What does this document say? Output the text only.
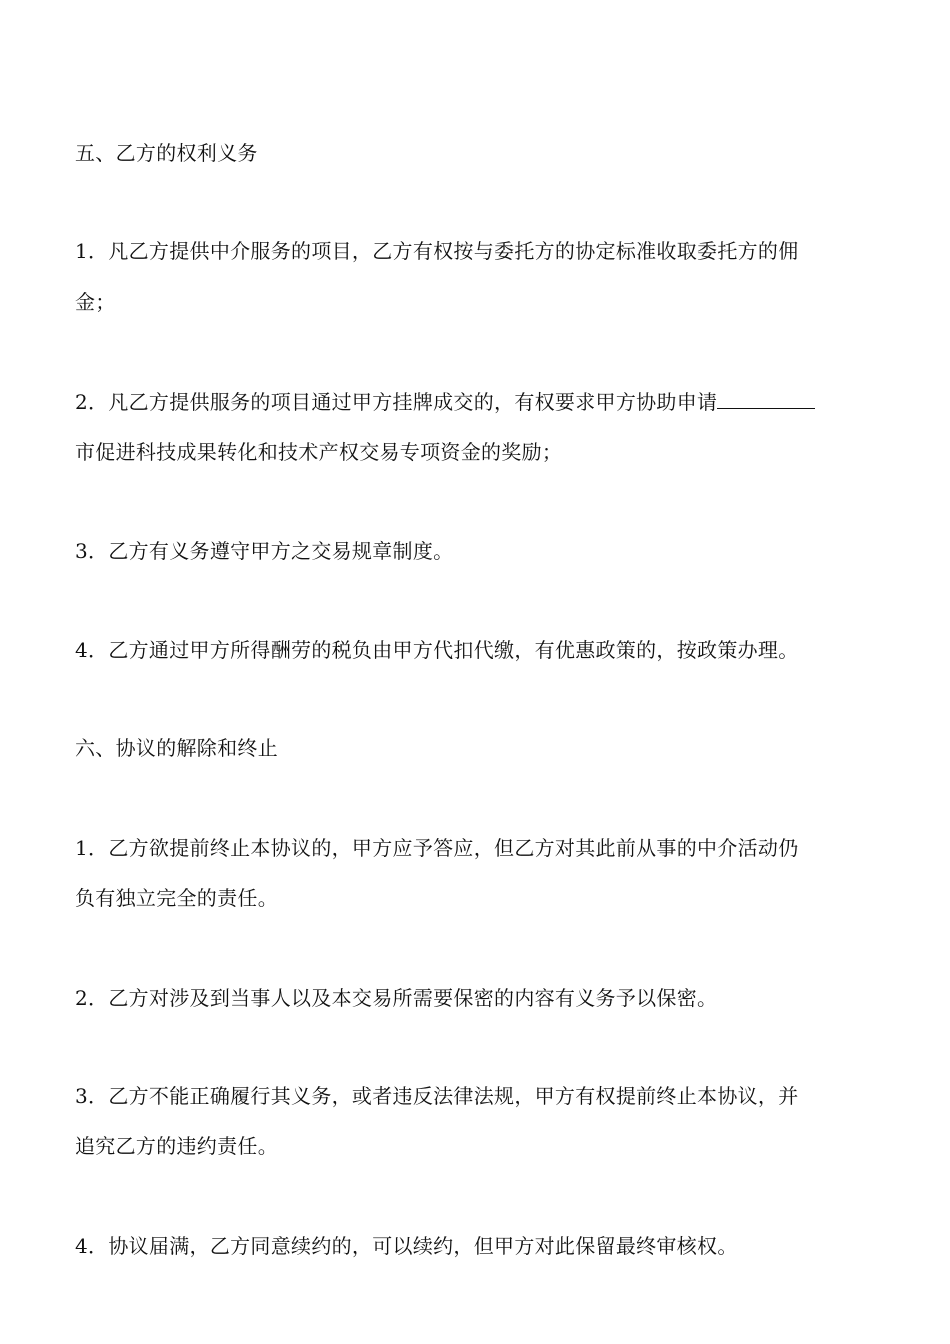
五、乙方的权利义务
1．凡乙方提供中介服务的项目，乙方有权按与委托方的协定标准收取委托方的佣
金；
2．凡乙方提供服务的项目通过甲方挂牌成交的，有权要求甲方协助申请
市促进科技成果转化和技术产权交易专项资金的奖励；
3．乙方有义务遵守甲方之交易规章制度。
4．乙方通过甲方所得酬劳的税负由甲方代扣代缴，有优惠政策的，按政策办理。
六、协议的解除和终止
1．乙方欲提前终止本协议的，甲方应予答应，但乙方对其此前从事的中介活动仍
负有独立完全的责任。
2．乙方对涉及到当事人以及本交易所需要保密的内容有义务予以保密。
3．乙方不能正确履行其义务，或者违反法律法规，甲方有权提前终止本协议，并
追究乙方的违约责任。
4．协议届满，乙方同意续约的，可以续约，但甲方对此保留最终审核权。
